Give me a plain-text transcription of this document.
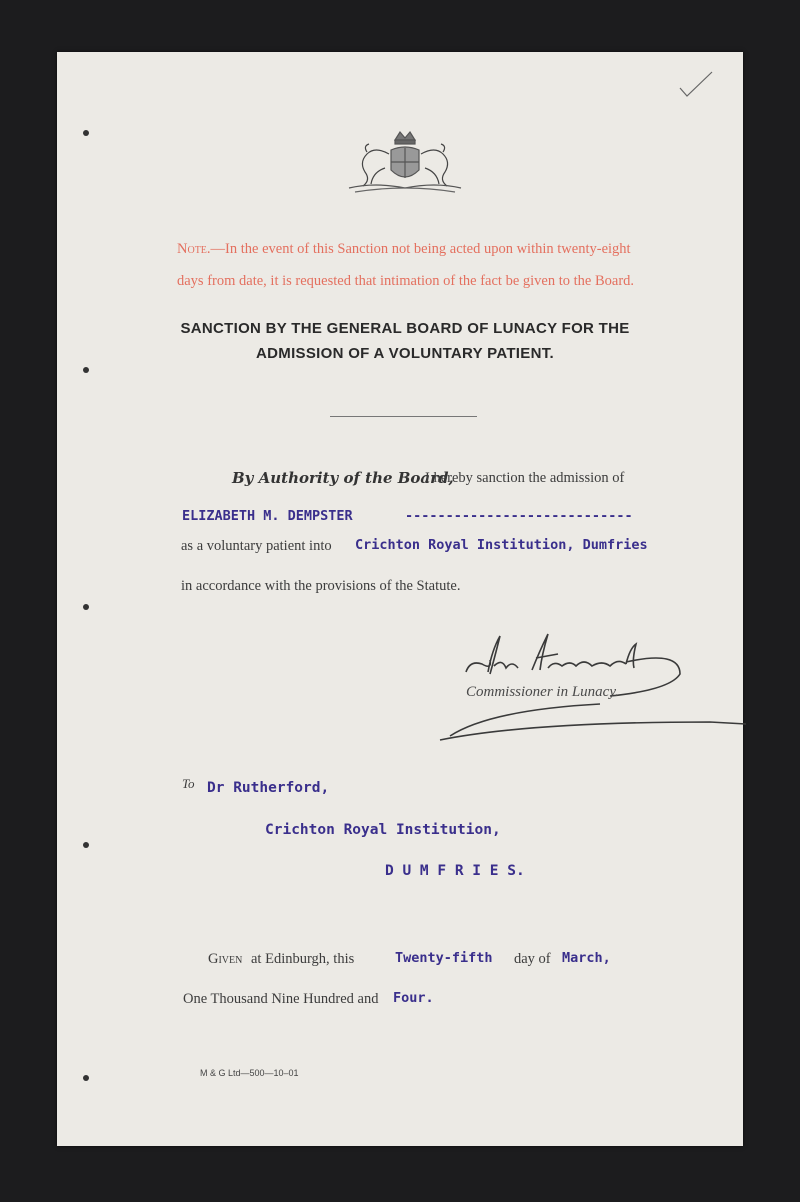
Note.—In the event of this Sanction not being acted upon within twenty-eight days from date, it is requested that intimation of the fact be given to the Board.
SANCTION BY THE GENERAL BOARD OF LUNACY FOR THE
ADMISSION OF A VOLUNTARY PATIENT.
By Authority of the Board,
I hereby sanction the admission of
ELIZABETH M. DEMPSTER	----------------------------
as a voluntary patient into Crichton Royal Institution, Dumfries
in accordance with the provisions of the Statute.
Commissioner in Lunacy.
To Dr Rutherford,
Crichton Royal Institution,
D U M F R I E S.
Given at Edinburgh, this	Twenty-fifth day of March,
One Thousand Nine Hundred and Four.
M & G Ltd—500—10–01
